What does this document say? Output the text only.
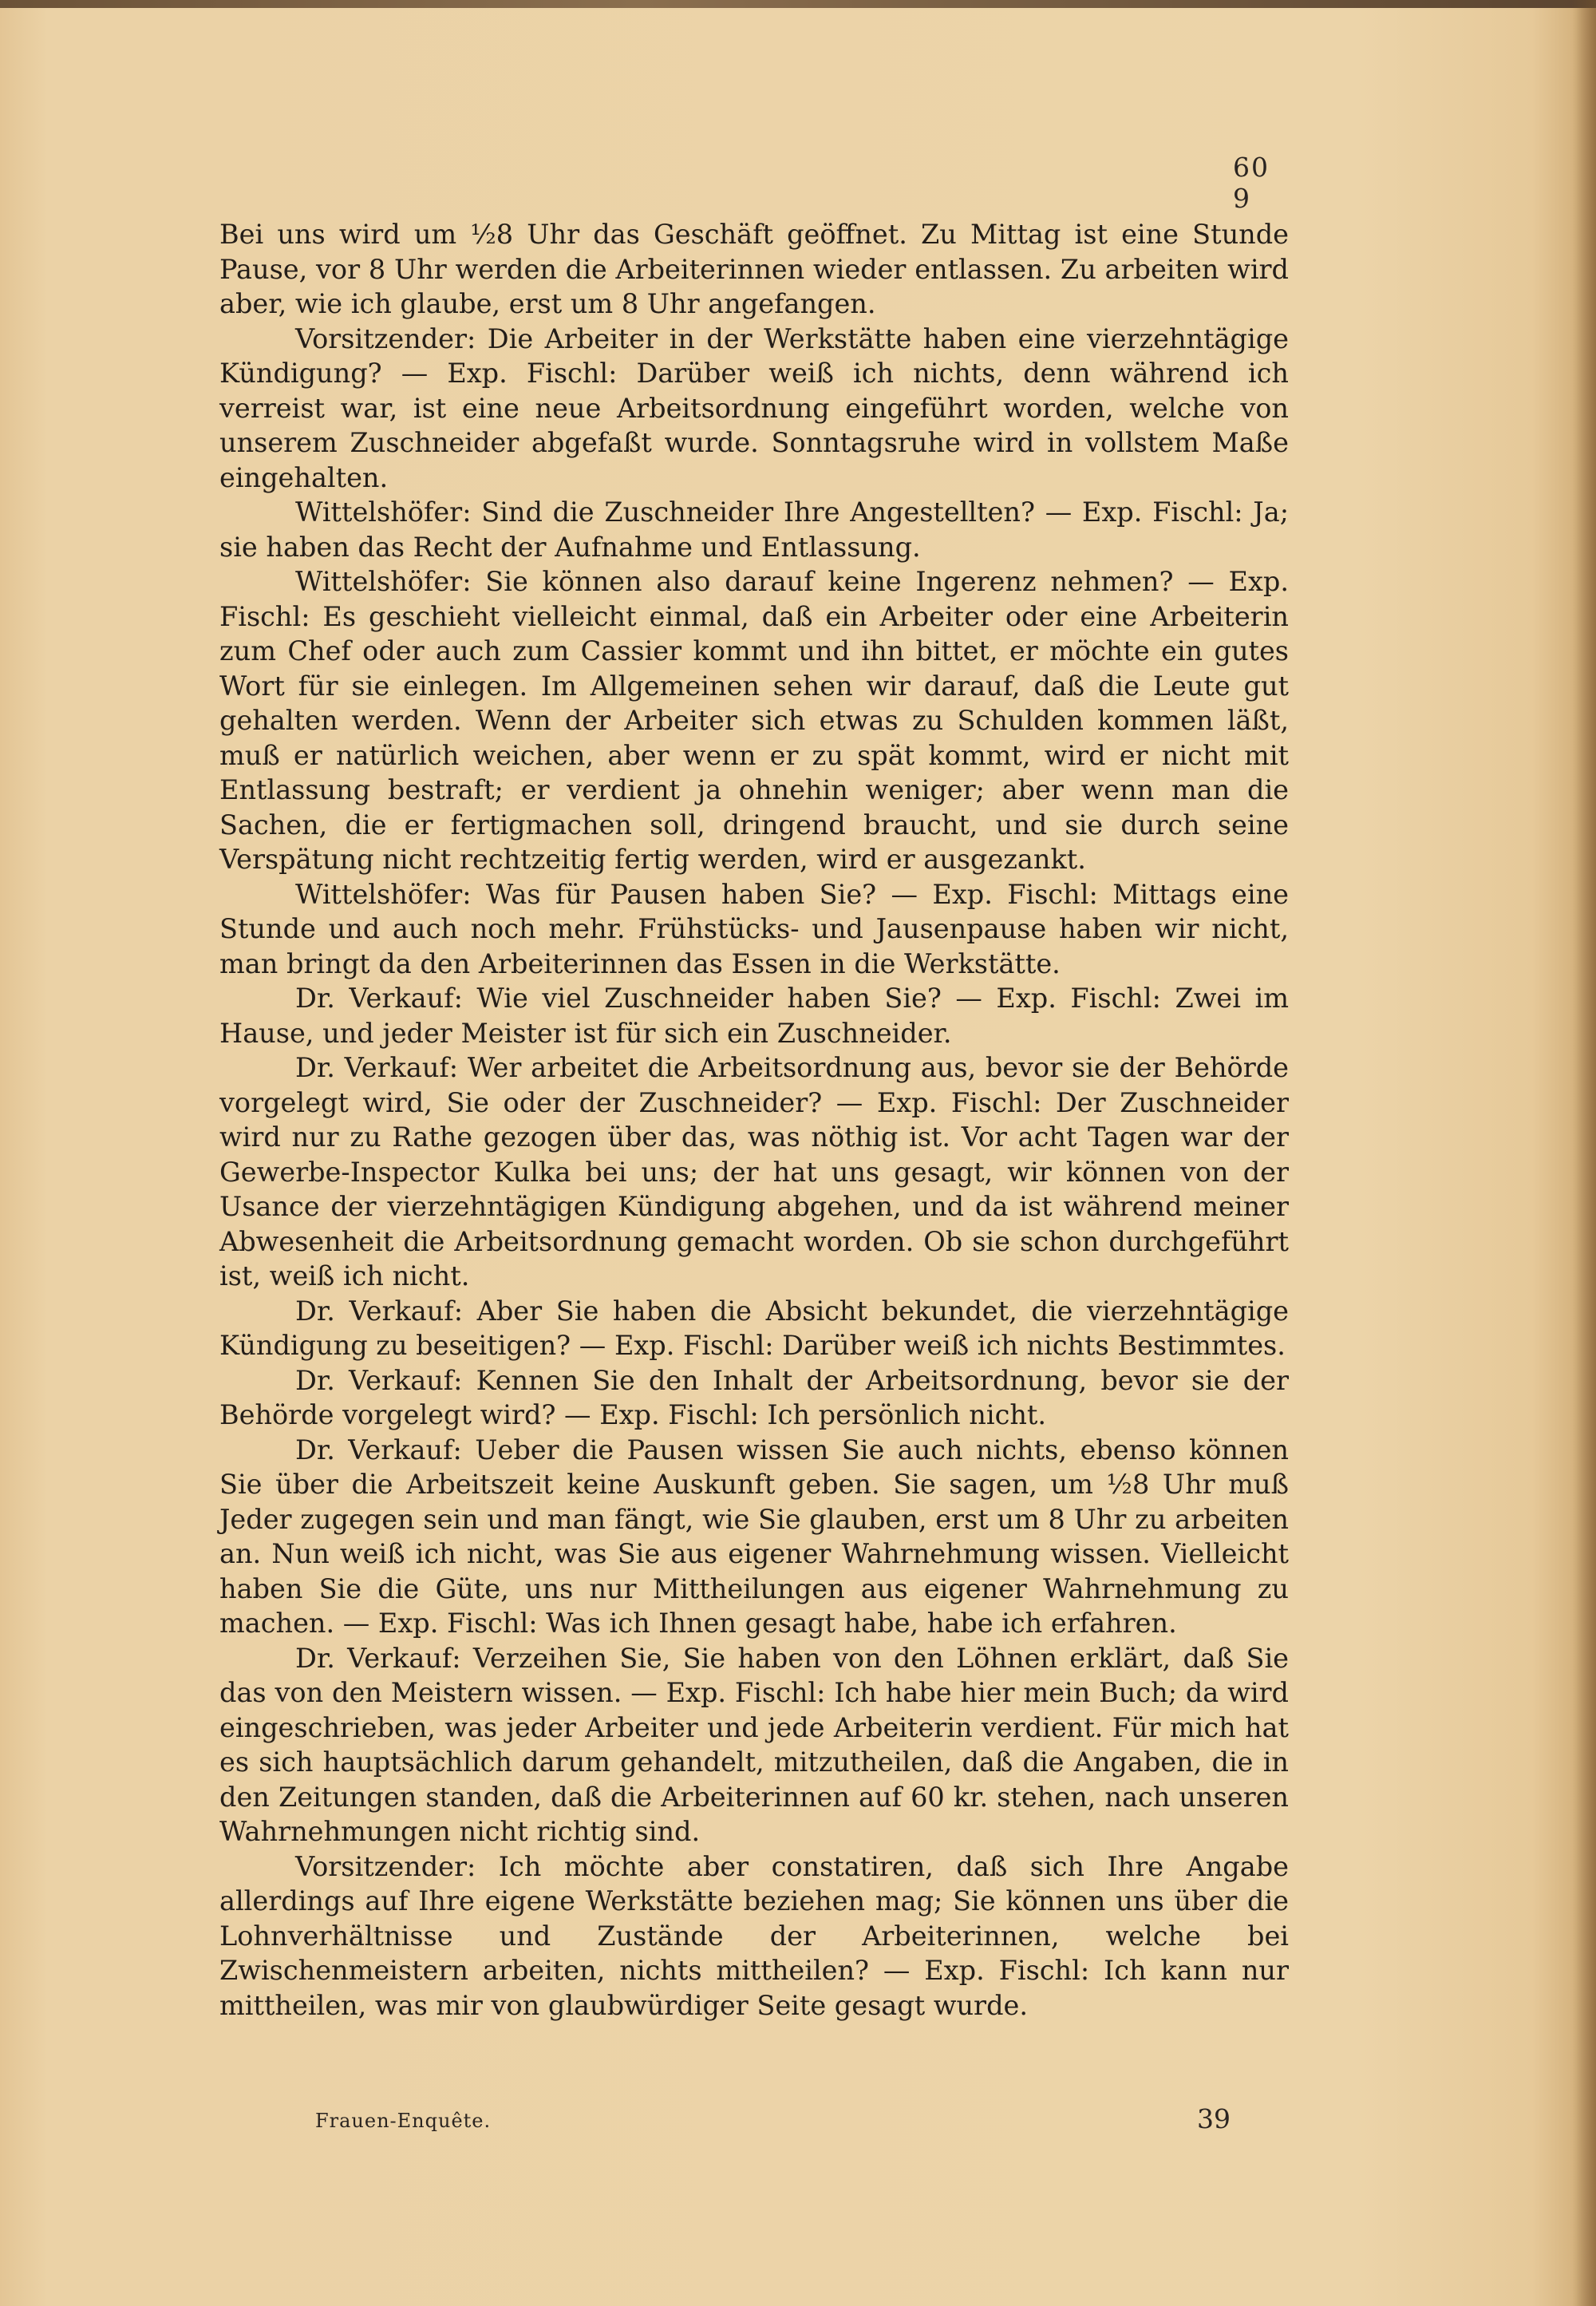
60 9

Bei uns wird um ½8 Uhr das Geschäft geöffnet. Zu Mittag ist eine Stunde Pause, vor 8 Uhr werden die Arbeiterinnen wieder entlassen. Zu arbeiten wird aber, wie ich glaube, erst um 8 Uhr angefangen.

Vorsitzender: Die Arbeiter in der Werkstätte haben eine vierzehntägige Kündigung? — Exp. Fischl: Darüber weiß ich nichts, denn während ich verreist war, ist eine neue Arbeitsordnung eingeführt worden, welche von unserem Zuschneider abgefaßt wurde. Sonntagsruhe wird in vollstem Maße eingehalten.

Wittelshöfer: Sind die Zuschneider Ihre Angestellten? — Exp. Fischl: Ja; sie haben das Recht der Aufnahme und Entlassung.

Wittelshöfer: Sie können also darauf keine Ingerenz nehmen? — Exp. Fischl: Es geschieht vielleicht einmal, daß ein Arbeiter oder eine Arbeiterin zum Chef oder auch zum Cassier kommt und ihn bittet, er möchte ein gutes Wort für sie einlegen. Im Allgemeinen sehen wir darauf, daß die Leute gut gehalten werden. Wenn der Arbeiter sich etwas zu Schulden kommen läßt, muß er natürlich weichen, aber wenn er zu spät kommt, wird er nicht mit Entlassung bestraft; er verdient ja ohnehin weniger; aber wenn man die Sachen, die er fertigmachen soll, dringend braucht, und sie durch seine Verspätung nicht rechtzeitig fertig werden, wird er ausgezankt.

Wittelshöfer: Was für Pausen haben Sie? — Exp. Fischl: Mittags eine Stunde und auch noch mehr. Frühstücks- und Jausenpause haben wir nicht, man bringt da den Arbeiterinnen das Essen in die Werkstätte.

Dr. Verkauf: Wie viel Zuschneider haben Sie? — Exp. Fischl: Zwei im Hause, und jeder Meister ist für sich ein Zuschneider.

Dr. Verkauf: Wer arbeitet die Arbeitsordnung aus, bevor sie der Behörde vorgelegt wird, Sie oder der Zuschneider? — Exp. Fischl: Der Zuschneider wird nur zu Rathe gezogen über das, was nöthig ist. Vor acht Tagen war der Gewerbe-Inspector Kulka bei uns; der hat uns gesagt, wir können von der Usance der vierzehntägigen Kündigung abgehen, und da ist während meiner Abwesenheit die Arbeitsordnung gemacht worden. Ob sie schon durchgeführt ist, weiß ich nicht.

Dr. Verkauf: Aber Sie haben die Absicht bekundet, die vierzehntägige Kündigung zu beseitigen? — Exp. Fischl: Darüber weiß ich nichts Bestimmtes.

Dr. Verkauf: Kennen Sie den Inhalt der Arbeitsordnung, bevor sie der Behörde vorgelegt wird? — Exp. Fischl: Ich persönlich nicht.

Dr. Verkauf: Ueber die Pausen wissen Sie auch nichts, ebenso können Sie über die Arbeitszeit keine Auskunft geben. Sie sagen, um ½8 Uhr muß Jeder zugegen sein und man fängt, wie Sie glauben, erst um 8 Uhr zu arbeiten an. Nun weiß ich nicht, was Sie aus eigener Wahrnehmung wissen. Vielleicht haben Sie die Güte, uns nur Mittheilungen aus eigener Wahrnehmung zu machen. — Exp. Fischl: Was ich Ihnen gesagt habe, habe ich erfahren.

Dr. Verkauf: Verzeihen Sie, Sie haben von den Löhnen erklärt, daß Sie das von den Meistern wissen. — Exp. Fischl: Ich habe hier mein Buch; da wird eingeschrieben, was jeder Arbeiter und jede Arbeiterin verdient. Für mich hat es sich hauptsächlich darum gehandelt, mitzutheilen, daß die Angaben, die in den Zeitungen standen, daß die Arbeiterinnen auf 60 kr. stehen, nach unseren Wahrnehmungen nicht richtig sind.

Vorsitzender: Ich möchte aber constatiren, daß sich Ihre Angabe allerdings auf Ihre eigene Werkstätte beziehen mag; Sie können uns über die Lohnverhältnisse und Zustände der Arbeiterinnen, welche bei Zwischenmeistern arbeiten, nichts mittheilen? — Exp. Fischl: Ich kann nur mittheilen, was mir von glaubwürdiger Seite gesagt wurde.

Frauen-Enquête.	39
